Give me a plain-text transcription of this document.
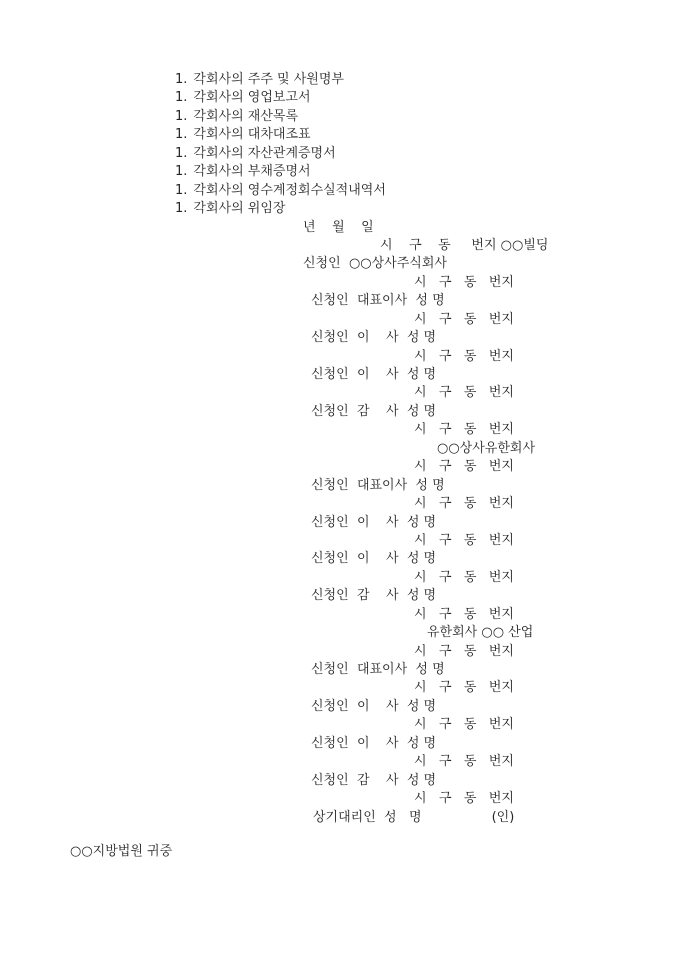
1. 각회사의 주주 및 사원명부
1. 각회사의 영업보고서
1. 각회사의 재산목록
1. 각회사의 대차대조표
1. 각회사의 자산관계증명서
1. 각회사의 부채증명서
1. 각회사의 영수계정회수실적내역서
1. 각회사의 위임장
년    월    일
시    구    동     번지 ○○빌딩
신청인  ○○상사주식회사
시   구   동   번지
신청인  대표이사  성 명
시   구   동   번지
신청인  이    사  성 명
시   구   동   번지
신청인  이    사  성 명
시   구   동   번지
신청인  감    사  성 명
시   구   동   번지
○○상사유한회사
시   구   동   번지
신청인  대표이사  성 명
시   구   동   번지
신청인  이    사  성 명
시   구   동   번지
신청인  이    사  성 명
시   구   동   번지
신청인  감    사  성 명
시   구   동   번지
유한회사 ○○ 산업
시   구   동   번지
신청인  대표이사  성 명
시   구   동   번지
신청인  이    사  성 명
시   구   동   번지
신청인  이    사  성 명
시   구   동   번지
신청인  감    사  성 명
시   구   동   번지
상기대리인  성   명	(인)
○○지방법원 귀중
